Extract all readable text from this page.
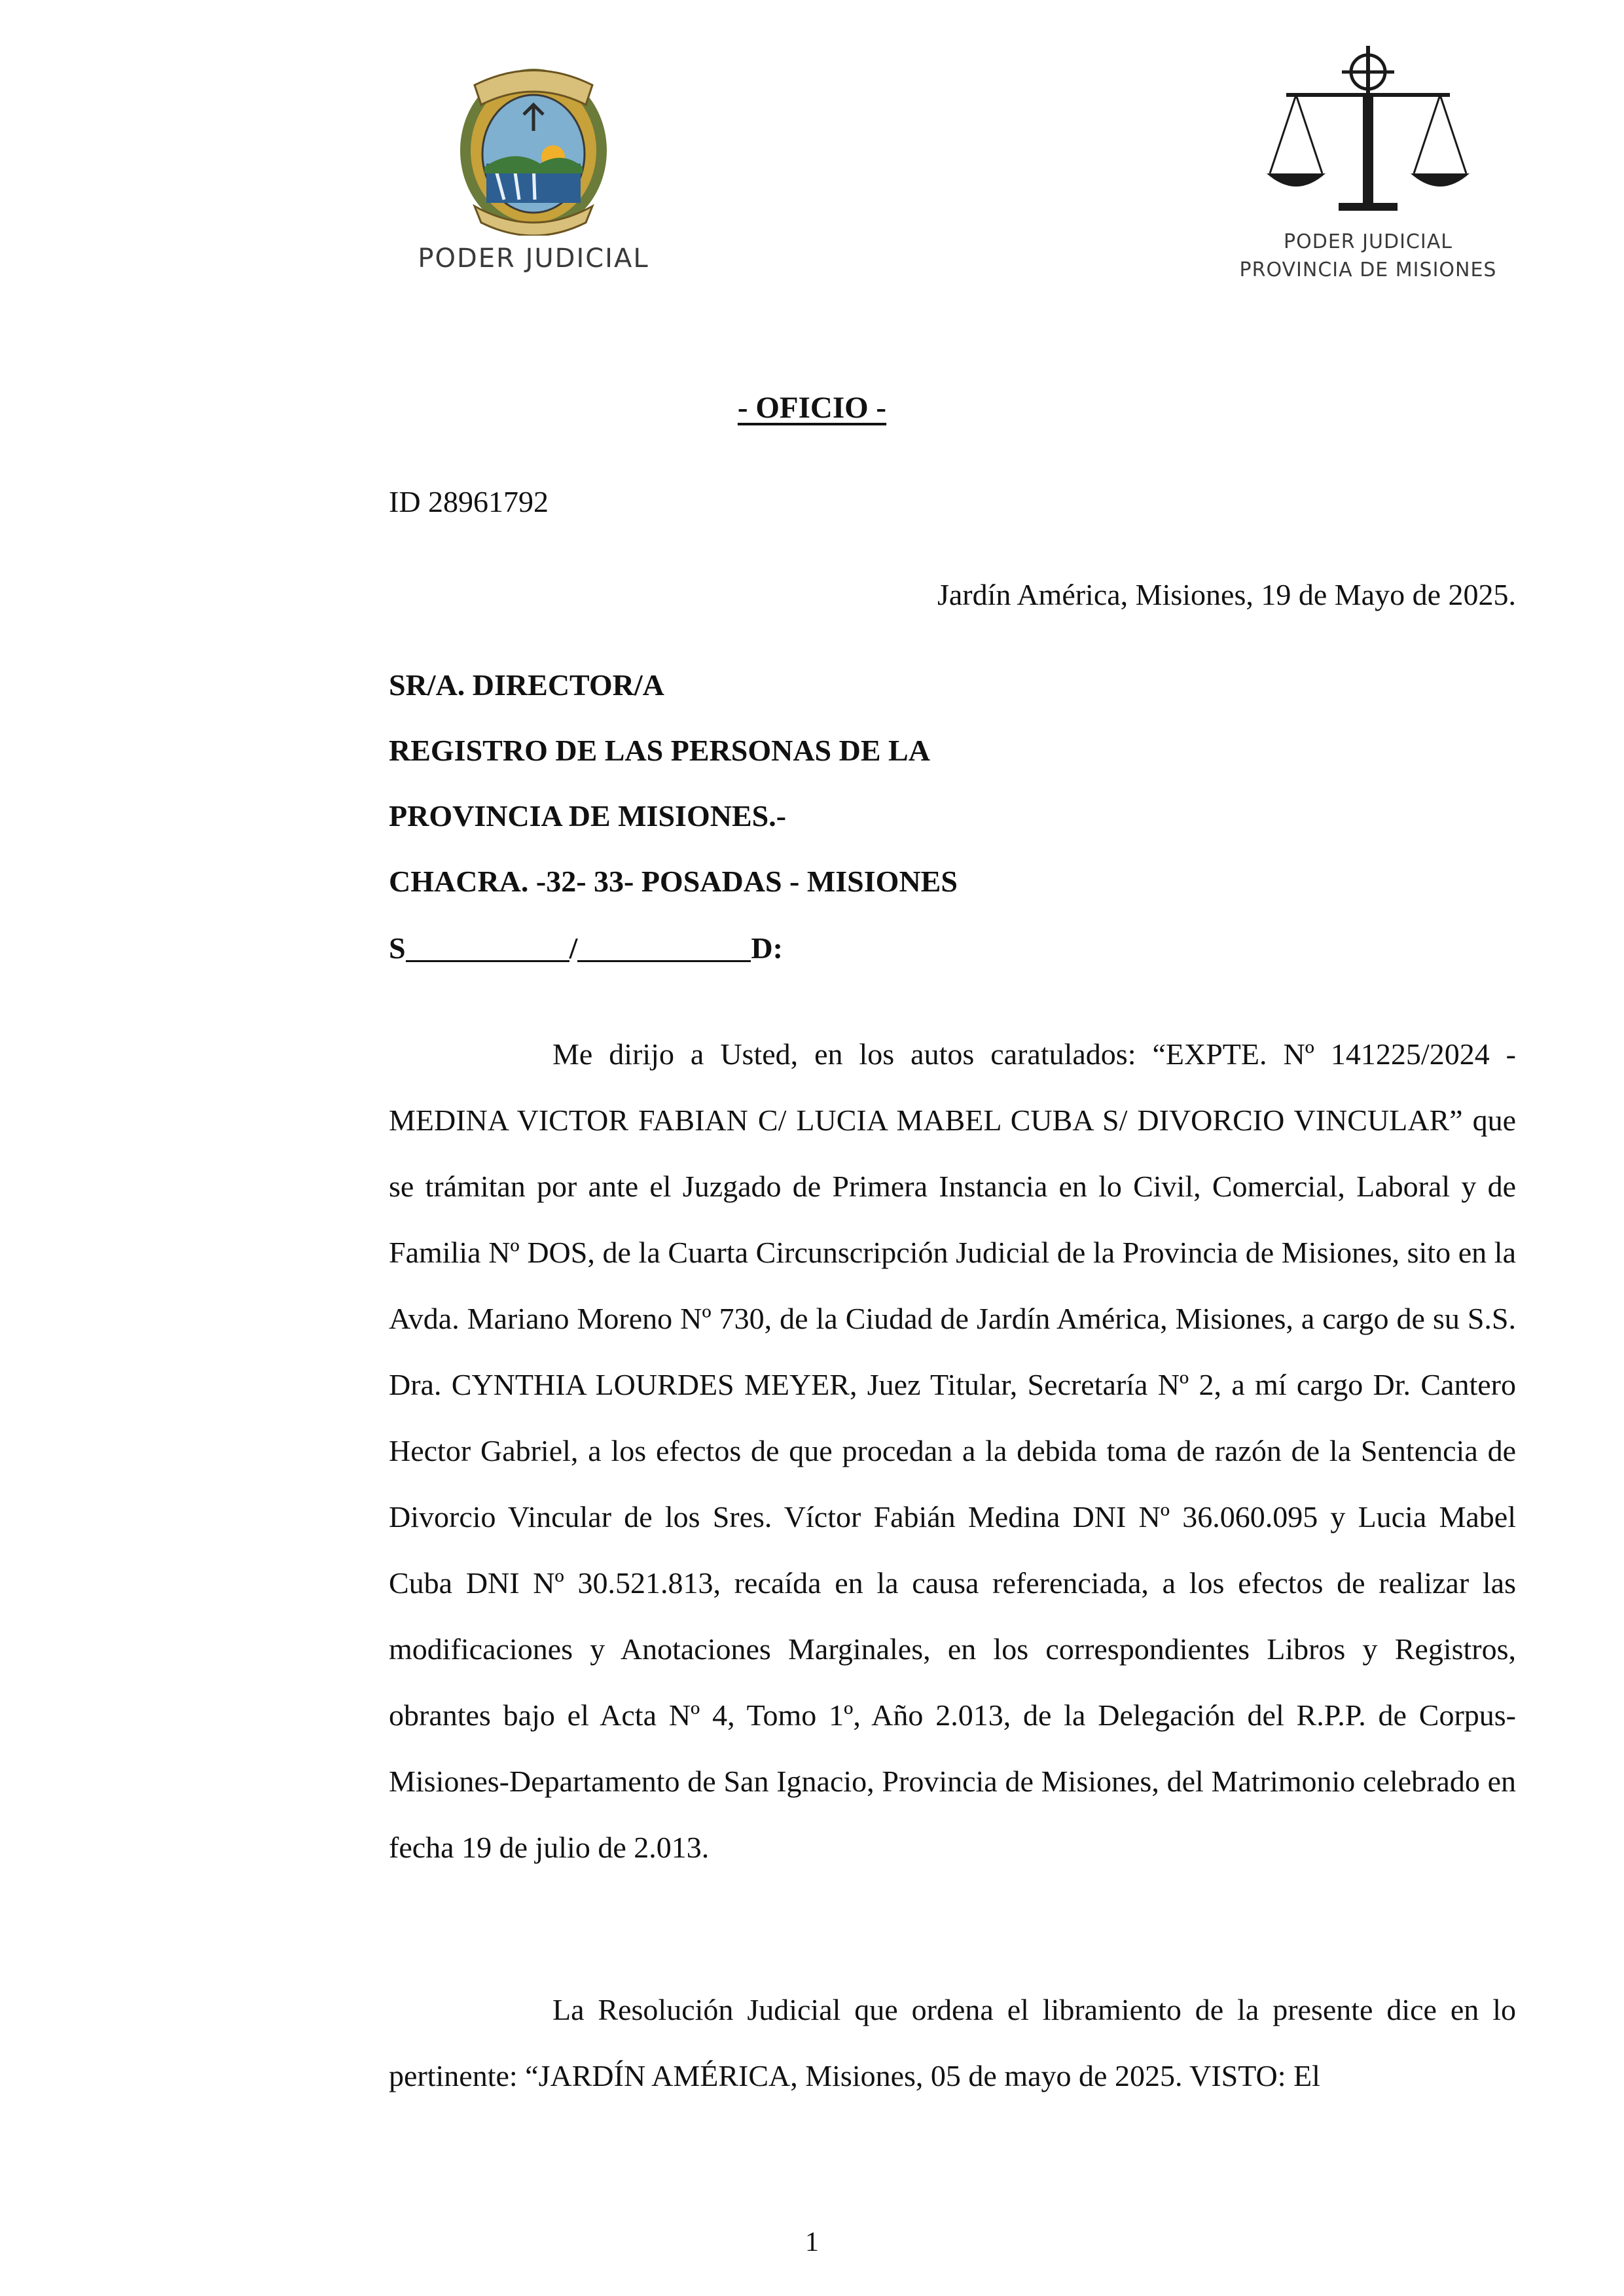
PODER JUDICIAL
PODER JUDICIAL
PROVINCIA DE MISIONES
- OFICIO -
ID 28961792
Jardín América, Misiones, 19 de Mayo de 2025.
SR/A. DIRECTOR/A
REGISTRO DE LAS PERSONAS DE LA
PROVINCIA DE MISIONES.-
CHACRA. -32- 33- POSADAS - MISIONES
S	/	D:

Me dirijo a Usted, en los autos caratulados: “EXPTE. Nº 141225/2024 - MEDINA VICTOR FABIAN C/ LUCIA MABEL CUBA S/ DIVORCIO VINCULAR” que se trámitan por ante el Juzgado de Primera Instancia en lo Civil, Comercial, Laboral y de Familia Nº DOS, de la Cuarta Circunscripción Judicial de la Provincia de Misiones, sito en la Avda. Mariano Moreno Nº 730, de la Ciudad de Jardín América, Misiones, a cargo de su S.S. Dra. CYNTHIA LOURDES MEYER, Juez Titular, Secretaría Nº 2, a mí cargo Dr. Cantero Hector Gabriel, a los efectos de que procedan a la debida toma de razón de la Sentencia de Divorcio Vincular de los Sres. Víctor Fabián Medina DNI Nº 36.060.095 y Lucia Mabel Cuba DNI Nº 30.521.813, recaída en la causa referenciada, a los efectos de realizar las modificaciones y Anotaciones Marginales, en los correspondientes Libros y Registros, obrantes bajo el Acta Nº 4, Tomo 1º, Año 2.013, de la Delegación del R.P.P. de Corpus-Misiones-Departamento de San Ignacio, Provincia de Misiones, del Matrimonio celebrado en fecha 19 de julio de 2.013.

La Resolución Judicial que ordena el libramiento de la presente dice en lo pertinente: “JARDÍN AMÉRICA, Misiones, 05 de mayo de 2025. VISTO: El

1
